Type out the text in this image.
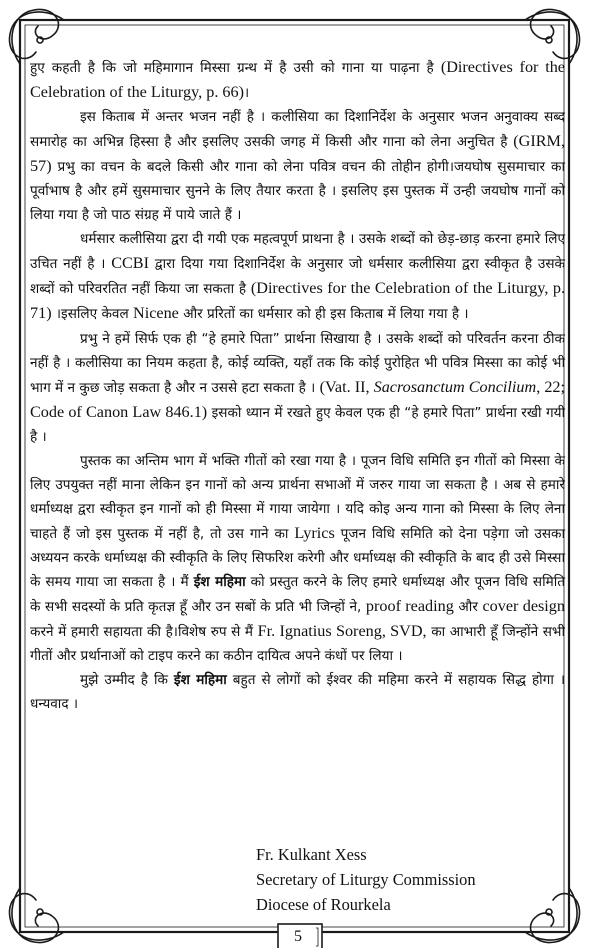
हुए कहती है कि जो महिमागान मिस्सा ग्रन्थ में है उसी को गाना या पाढ़ना है (Directives for the Celebration of the Liturgy, p. 66)।

इस किताब में अन्तर भजन नहीं है । कलीसिया का दिशानिर्देश के अनुसार भजन अनुवाक्य सब्द समारोह का अभिन्न हिस्सा है और इसलिए उसकी जगह में किसी और गाना को लेना अनुचित है (GIRM, 57) प्रभु का वचन के बदले किसी और गाना को लेना पवित्र वचन की तोहीन होगी।जयघोष सुसमाचार का पूर्वाभाष है और हमें सुसमाचार सुनने के लिए तैयार करता है । इसलिए इस पुस्तक में उन्ही जयघोष गानों को लिया गया है जो पाठ संग्रह में पाये जाते हैं ।

धर्मसार कलीसिया द्वरा दी गयी एक महत्वपूर्ण प्राथना है । उसके शब्दों को छेड़-छाड़ करना हमारे लिए उचित नहीं है । CCBI द्वारा दिया गया दिशानिर्देश के अनुसार जो धर्मसार कलीसिया द्वरा स्वीकृत है उसके शब्दों को परिवरतित नहीं किया जा सकता है (Directives for the Celebration of the Liturgy, p. 71) ।इसलिए केवल Nicene और प्ररितों का धर्मसार को ही इस किताब में लिया गया है ।

प्रभु ने हमें सिर्फ एक ही “हे हमारे पिता” प्रार्थना सिखाया है । उसके शब्दों को परिवर्तन करना ठीक नहीं है । कलीसिया का नियम कहता है, कोई व्यक्ति, यहाँ तक कि कोई पुरोहित भी पवित्र मिस्सा का कोई भी भाग में न कुछ जोड़ सकता है और न उससे हटा सकता है । (Vat. II, Sacrosanctum Concilium, 22; Code of Canon Law 846.1) इसको ध्यान में रखते हुए केवल एक ही “हे हमारे पिता” प्रार्थना रखी गयी है ।

पुस्तक का अन्तिम भाग में भक्ति गीतों को रखा गया है । पूजन विधि समिति इन गीतों को मिस्सा के लिए उपयुक्त नहीं माना लेकिन इन गानों को अन्य प्रार्थना सभाओं में जरुर गाया जा सकता है । अब से हमारे धर्माध्यक्ष द्वरा स्वीकृत इन गानों को ही मिस्सा में गाया जायेगा । यदि कोइ अन्य गाना को मिस्सा के लिए लेना चाहते हैं जो इस पुस्तक में नहीं है, तो उस गाने का Lyrics पूजन विधि समिति को देना पड़ेगा जो उसका अध्ययन करके धर्माध्यक्ष की स्वीकृति के लिए सिफरिश करेगी और धर्माध्यक्ष की स्वीकृति के बाद ही उसे मिस्सा के समय गाया जा सकता है । मैं ईश महिमा को प्रस्तुत करने के लिए हमारे धर्माध्यक्ष और पूजन विधि समिति के सभी सदस्यों के प्रति कृतज्ञ हूँ और उन सबों के प्रति भी जिन्हों ने, proof reading और cover design करने में हमारी सहायता की है।विशेष रुप से मैं Fr. Ignatius Soreng, SVD, का आभारी हूँ जिन्होंने सभी गीतों और प्रर्थानाओं को टाइप करने का कठीन दायित्व अपने कंधों पर लिया ।

मुझे उम्मीद है कि ईश महिमा बहुत से लोगों को ईश्वर की महिमा करने में सहायक सिद्ध होगा । धन्यवाद ।

Fr. Kulkant Xess
Secretary of Liturgy Commission
Diocese of Rourkela
5
